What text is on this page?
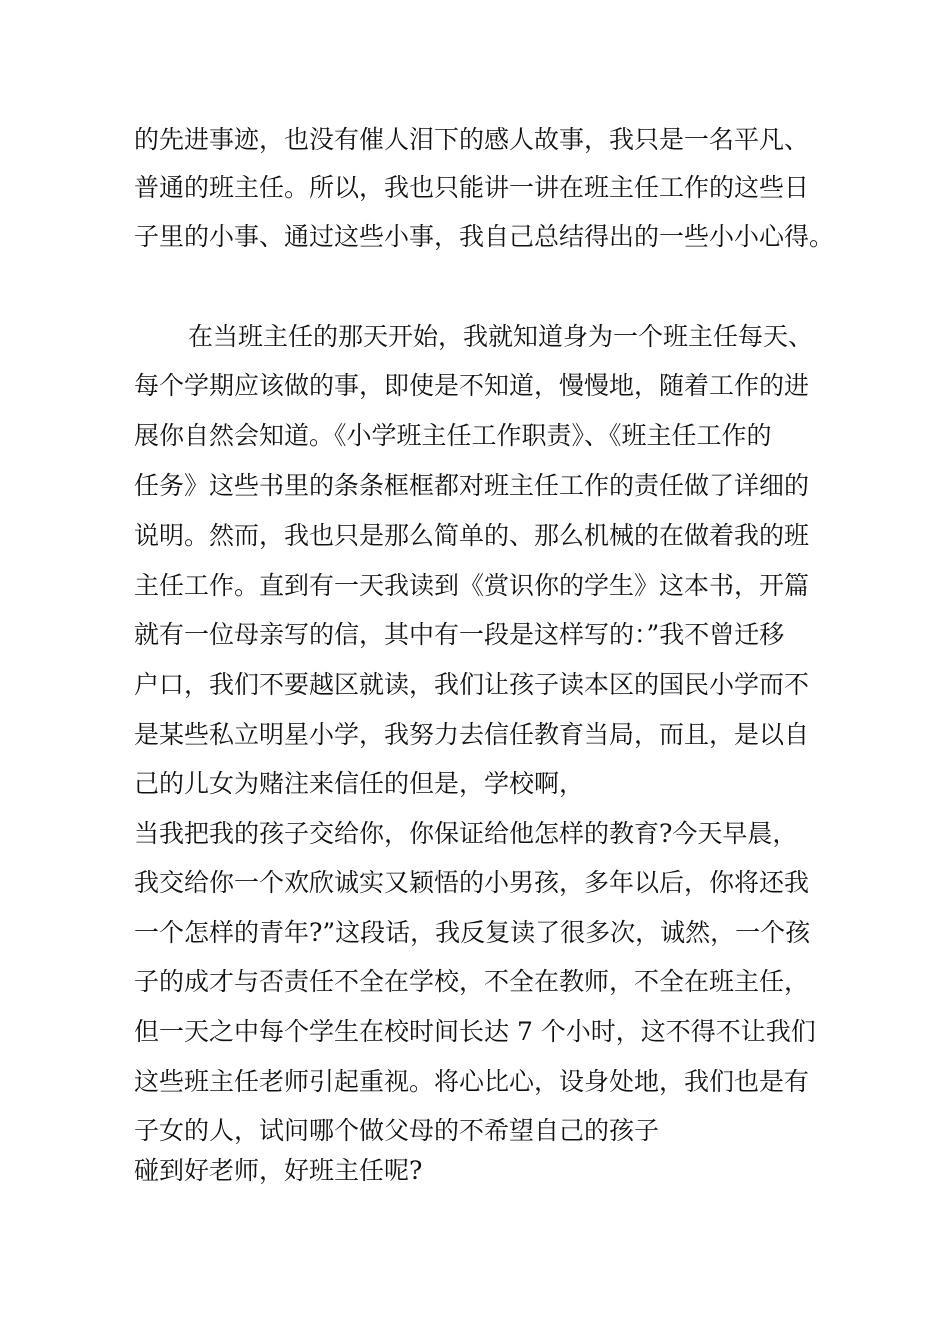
的先进事迹，也没有催人泪下的感人故事，我只是一名平凡、
普通的班主任。所以，我也只能讲一讲在班主任工作的这些日
子里的小事、通过这些小事，我自己总结得出的一些小小心得。
在当班主任的那天开始，我就知道身为一个班主任每天、
每个学期应该做的事，即使是不知道，慢慢地，随着工作的进
展你自然会知道。《小学班主任工作职责》、《班主任工作的
任务》这些书里的条条框框都对班主任工作的责任做了详细的
说明。然而，我也只是那么简单的、那么机械的在做着我的班
主任工作。直到有一天我读到《赏识你的学生》这本书，开篇
就有一位母亲写的信，其中有一段是这样写的：”我不曾迁移
户口，我们不要越区就读，我们让孩子读本区的国民小学而不
是某些私立明星小学，我努力去信任教育当局，而且，是以自
己的儿女为赌注来信任的但是，学校啊，
当我把我的孩子交给你，你保证给他怎样的教育?今天早晨，
我交给你一个欢欣诚实又颖悟的小男孩，多年以后，你将还我
一个怎样的青年?”这段话，我反复读了很多次，诚然，一个孩
子的成才与否责任不全在学校，不全在教师，不全在班主任，
但一天之中每个学生在校时间长达 7 个小时，这不得不让我们
这些班主任老师引起重视。将心比心，设身处地，我们也是有
子女的人，试问哪个做父母的不希望自己的孩子
碰到好老师，好班主任呢?
